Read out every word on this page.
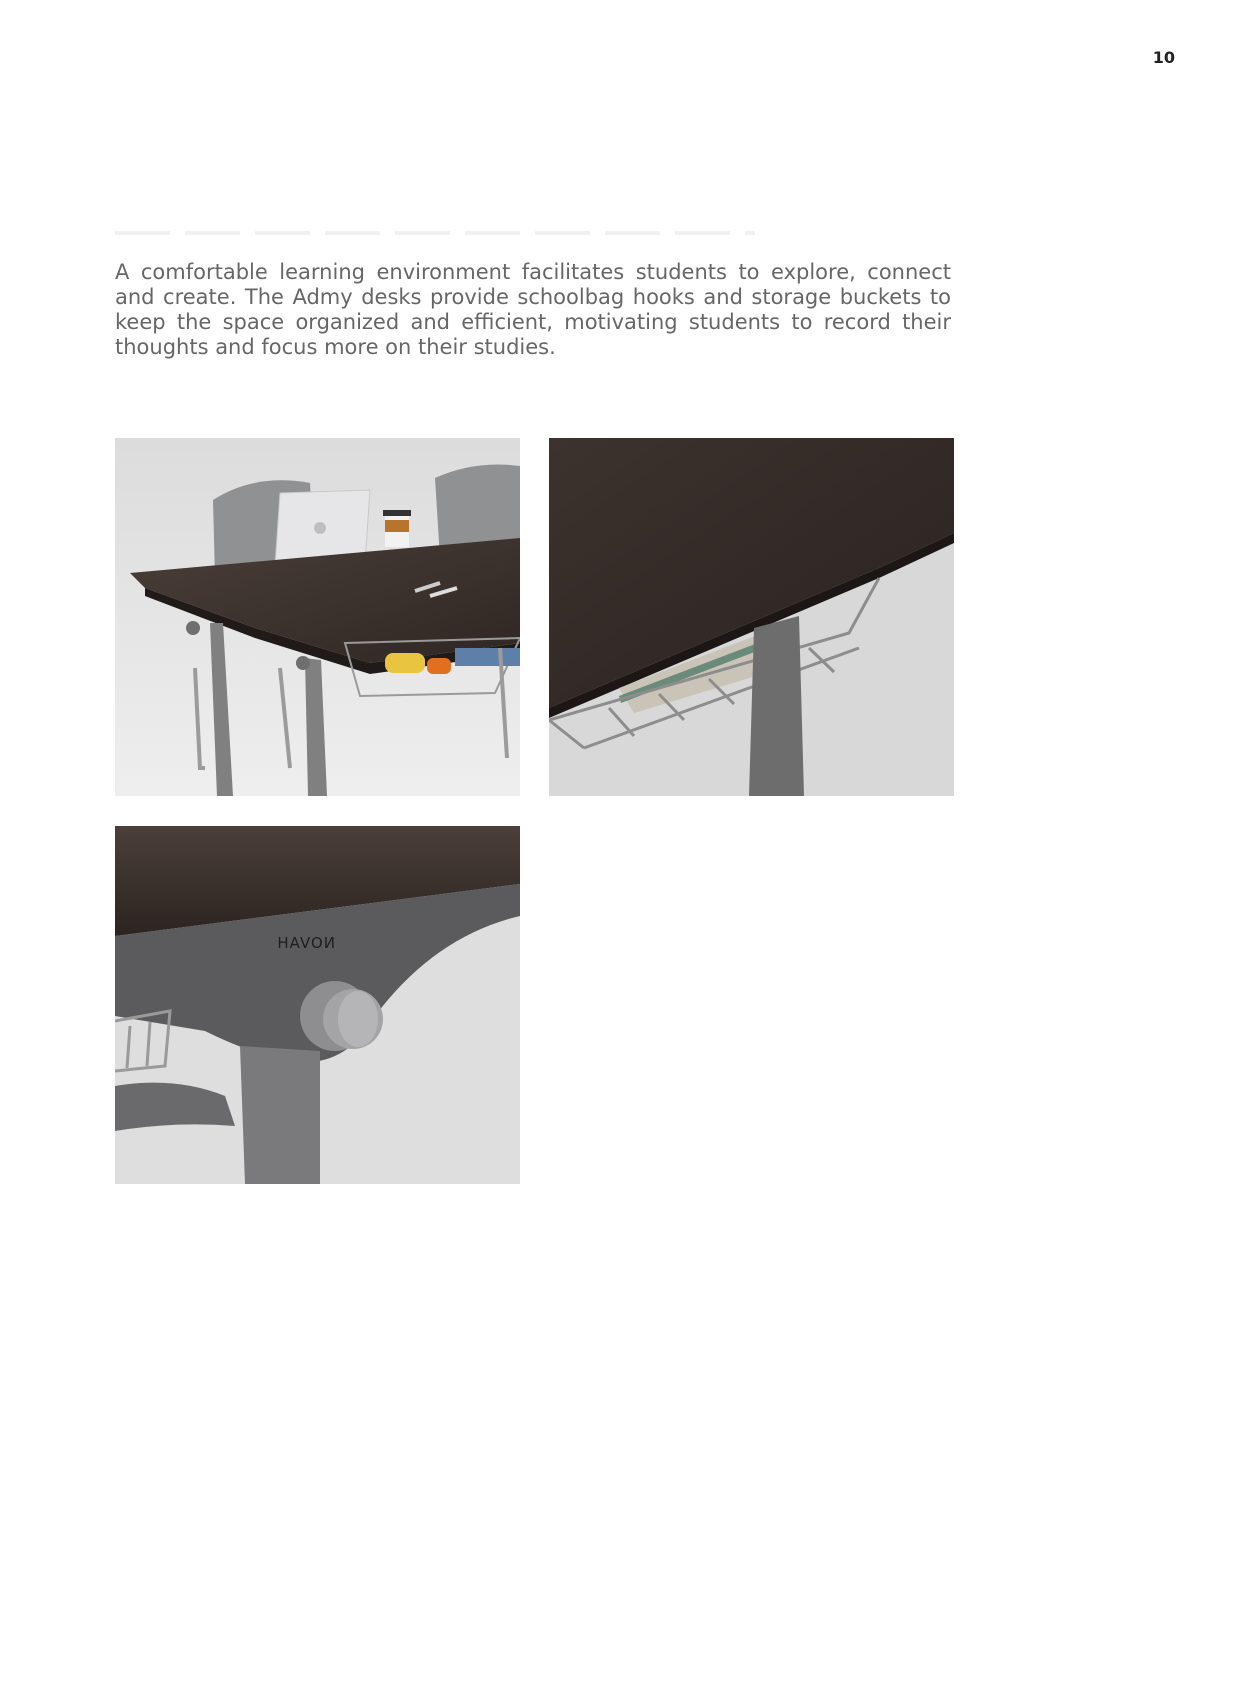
10

A comfortable learning environment facilitates students to explore, connect and create. The Admy desks provide schoolbag hooks and storage buckets to keep the space organized and efficient, motivating students to record their thoughts and focus more on their studies.

NOVAH
